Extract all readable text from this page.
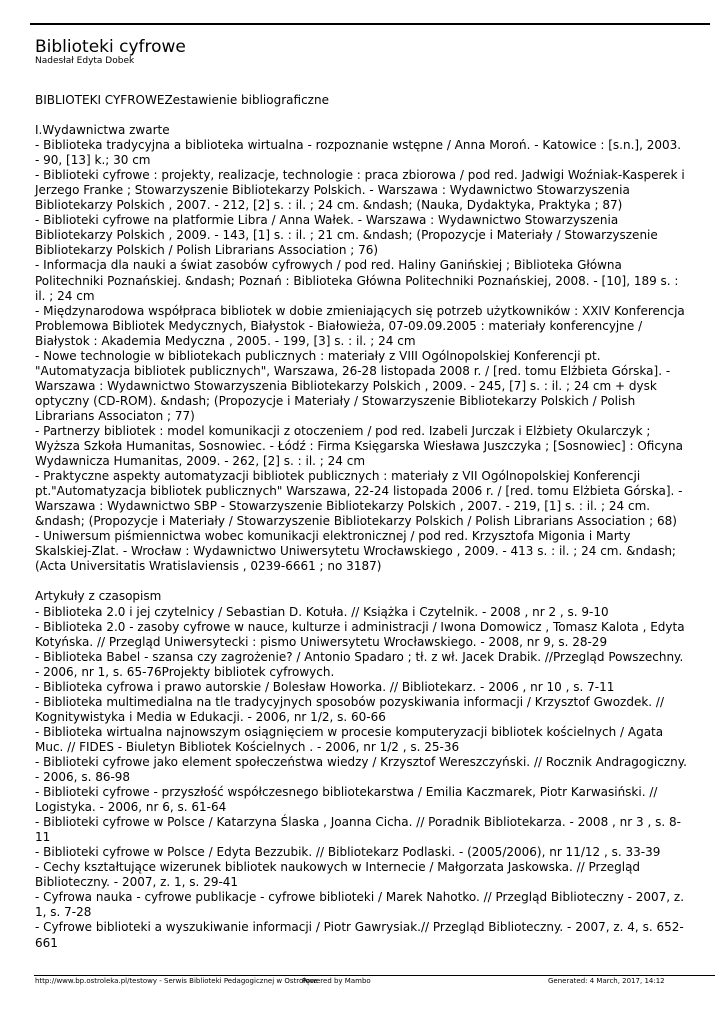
Biblioteki cyfrowe
Nadesłał Edyta Dobek

BIBLIOTEKI CYFROWEZestawienie bibliograficzne

I.Wydawnictwa zwarte

- Biblioteka tradycyjna a biblioteka wirtualna - rozpoznanie wstępne / Anna Moroń. - Katowice : [s.n.], 2003. - 90, [13] k.; 30 cm

- Biblioteki cyfrowe : projekty, realizacje, technologie : praca zbiorowa / pod red. Jadwigi Woźniak-Kasperek i Jerzego Franke ; Stowarzyszenie Bibliotekarzy Polskich. - Warszawa : Wydawnictwo Stowarzyszenia Bibliotekarzy Polskich , 2007. - 212, [2] s. : il. ; 24 cm. &ndash; (Nauka, Dydaktyka, Praktyka ; 87)

- Biblioteki cyfrowe na platformie Libra / Anna Wałek. - Warszawa : Wydawnictwo Stowarzyszenia Bibliotekarzy Polskich , 2009. - 143, [1] s. : il. ; 21 cm. &ndash; (Propozycje i Materiały / Stowarzyszenie Bibliotekarzy Polskich / Polish Librarians Association ; 76)

- Informacja dla nauki a świat zasobów cyfrowych / pod red. Haliny Ganińskiej ; Biblioteka Główna Politechniki Poznańskiej. &ndash; Poznań : Biblioteka Główna Politechniki Poznańskiej, 2008. - [10], 189 s. : il. ; 24 cm

- Międzynarodowa współpraca bibliotek w dobie zmieniających się potrzeb użytkowników : XXIV Konferencja Problemowa Bibliotek Medycznych, Białystok - Białowieża, 07-09.09.2005 : materiały konferencyjne / Białystok : Akademia Medyczna , 2005. - 199, [3] s. : il. ; 24 cm

- Nowe technologie w bibliotekach publicznych : materiały z VIII Ogólnopolskiej Konferencji pt. "Automatyzacja bibliotek publicznych", Warszawa, 26-28 listopada 2008 r. / [red. tomu Elżbieta Górska]. - Warszawa : Wydawnictwo Stowarzyszenia Bibliotekarzy Polskich , 2009. - 245, [7] s. : il. ; 24 cm + dysk optyczny (CD-ROM). &ndash; (Propozycje i Materiały / Stowarzyszenie Bibliotekarzy Polskich / Polish Librarians Associaton ; 77)

- Partnerzy bibliotek : model komunikacji z otoczeniem / pod red. Izabeli Jurczak i Elżbiety Okularczyk ; Wyższa Szkoła Humanitas, Sosnowiec. - Łódź : Firma Księgarska Wiesława Juszczyka ; [Sosnowiec] : Oficyna Wydawnicza Humanitas, 2009. - 262, [2] s. : il. ; 24 cm

- Praktyczne aspekty automatyzacji bibliotek publicznych : materiały z VII Ogólnopolskiej Konferencji pt."Automatyzacja bibliotek publicznych" Warszawa, 22-24 listopada 2006 r. / [red. tomu Elżbieta Górska]. - Warszawa : Wydawnictwo SBP - Stowarzyszenie Bibliotekarzy Polskich , 2007. - 219, [1] s. : il. ; 24 cm. &ndash; (Propozycje i Materiały / Stowarzyszenie Bibliotekarzy Polskich / Polish Librarians Association ; 68)

- Uniwersum piśmiennictwa wobec komunikacji elektronicznej / pod red. Krzysztofa Migonia i Marty Skalskiej-Zlat. - Wrocław : Wydawnictwo Uniwersytetu Wrocławskiego , 2009. - 413 s. : il. ; 24 cm. &ndash; (Acta Universitatis Wratislaviensis , 0239-6661 ; no 3187)

Artykuły z czasopism

- Biblioteka 2.0 i jej czytelnicy / Sebastian D. Kotuła. // Książka i Czytelnik. - 2008 , nr 2 , s. 9-10

- Biblioteka 2.0 - zasoby cyfrowe w nauce, kulturze i administracji / Iwona Domowicz , Tomasz Kalota , Edyta Kotyńska. // Przegląd Uniwersytecki : pismo Uniwersytetu Wrocławskiego. - 2008, nr 9, s. 28-29

- Biblioteka Babel - szansa czy zagrożenie? / Antonio Spadaro ; tł. z wł. Jacek Drabik. //Przegląd Powszechny. - 2006, nr 1, s. 65-76Projekty bibliotek cyfrowych.

- Biblioteka cyfrowa i prawo autorskie / Bolesław Howorka. // Bibliotekarz. - 2006 , nr 10 , s. 7-11

- Biblioteka multimedialna na tle tradycyjnych sposobów pozyskiwania informacji / Krzysztof Gwozdek. // Kognitywistyka i Media w Edukacji. - 2006, nr 1/2, s. 60-66

- Biblioteka wirtualna najnowszym osiągnięciem w procesie komputeryzacji bibliotek kościelnych / Agata Muc. // FIDES - Biuletyn Bibliotek Kościelnych . - 2006, nr 1/2 , s. 25-36

- Biblioteki cyfrowe jako element społeczeństwa wiedzy / Krzysztof Wereszczyński. // Rocznik Andragogiczny. - 2006, s. 86-98

- Biblioteki cyfrowe - przyszłość współczesnego bibliotekarstwa / Emilia Kaczmarek, Piotr Karwasiński. // Logistyka. - 2006, nr 6, s. 61-64

- Biblioteki cyfrowe w Polsce / Katarzyna Ślaska , Joanna Cicha. // Poradnik Bibliotekarza. - 2008 , nr 3 , s. 8-11

- Biblioteki cyfrowe w Polsce / Edyta Bezzubik. // Bibliotekarz Podlaski. - (2005/2006), nr 11/12 , s. 33-39

- Cechy kształtujące wizerunek bibliotek naukowych w Internecie / Małgorzata Jaskowska. // Przegląd Biblioteczny. - 2007, z. 1, s. 29-41

- Cyfrowa nauka - cyfrowe publikacje - cyfrowe biblioteki / Marek Nahotko. // Przegląd Biblioteczny - 2007, z. 1, s. 7-28

- Cyfrowe biblioteki a wyszukiwanie informacji / Piotr Gawrysiak.// Przegląd Biblioteczny. - 2007, z. 4, s. 652-661

http://www.bp.ostroleka.pl/testowy - Serwis Biblioteki Pedagogicznej w Ostrołęce
Powered by Mambo	Generated: 4 March, 2017, 14:12
